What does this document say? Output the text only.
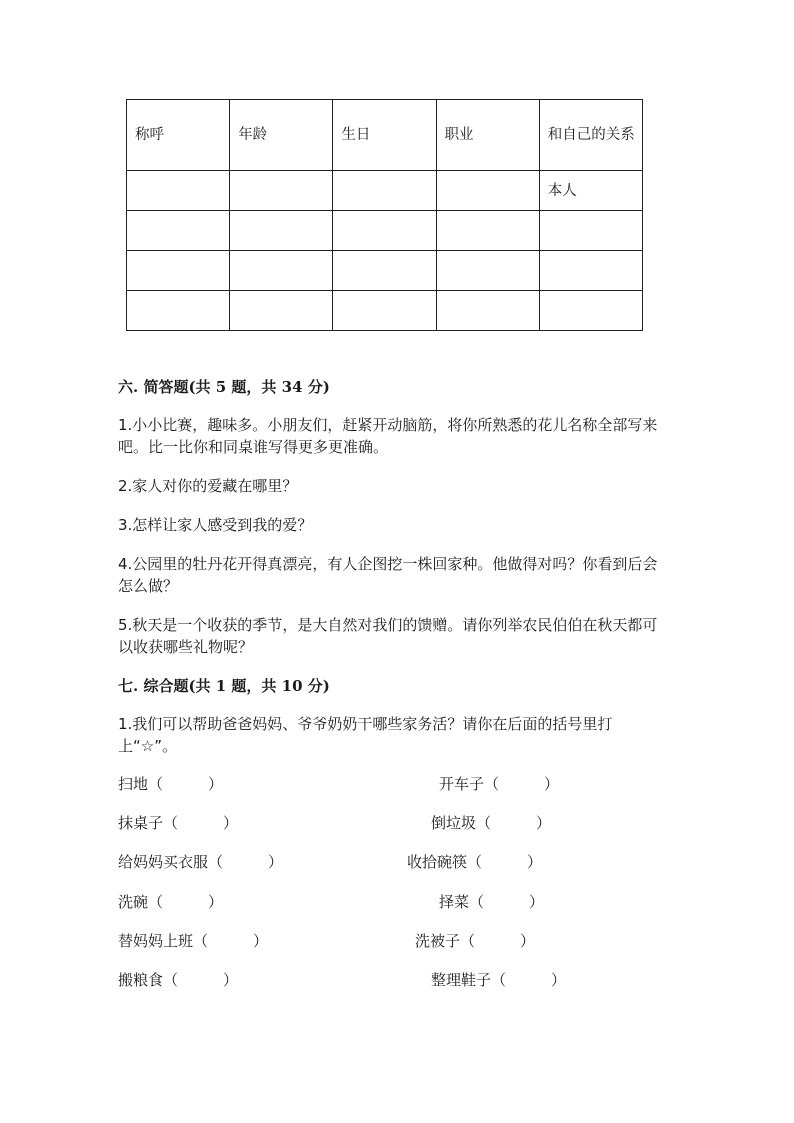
称呼	年龄	生日	职业	和自己的关系
				本人

六. 简答题(共 5 题，共 34 分)
1.小小比赛，趣味多。小朋友们，赶紧开动脑筋，将你所熟悉的花儿名称全部写来吧。比一比你和同桌谁写得更多更准确。
2.家人对你的爱藏在哪里？
3.怎样让家人感受到我的爱？
4.公园里的牡丹花开得真漂亮，有人企图挖一株回家种。他做得对吗？你看到后会怎么做？
5.秋天是一个收获的季节，是大自然对我们的馈赠。请你列举农民伯伯在秋天都可以收获哪些礼物呢？
七. 综合题(共 1 题，共 10 分)
1.我们可以帮助爸爸妈妈、爷爷奶奶干哪些家务活？请你在后面的括号里打上“☆”。
扫地（　　　）	开车子（　　　）
抹桌子（　　　）	倒垃圾（　　　）
给妈妈买衣服（　　　）	收拾碗筷（　　　）
洗碗（　　　）	择菜（　　　）
替妈妈上班（　　　）	洗被子（　　　）
搬粮食（　　　）	整理鞋子（　　　）
